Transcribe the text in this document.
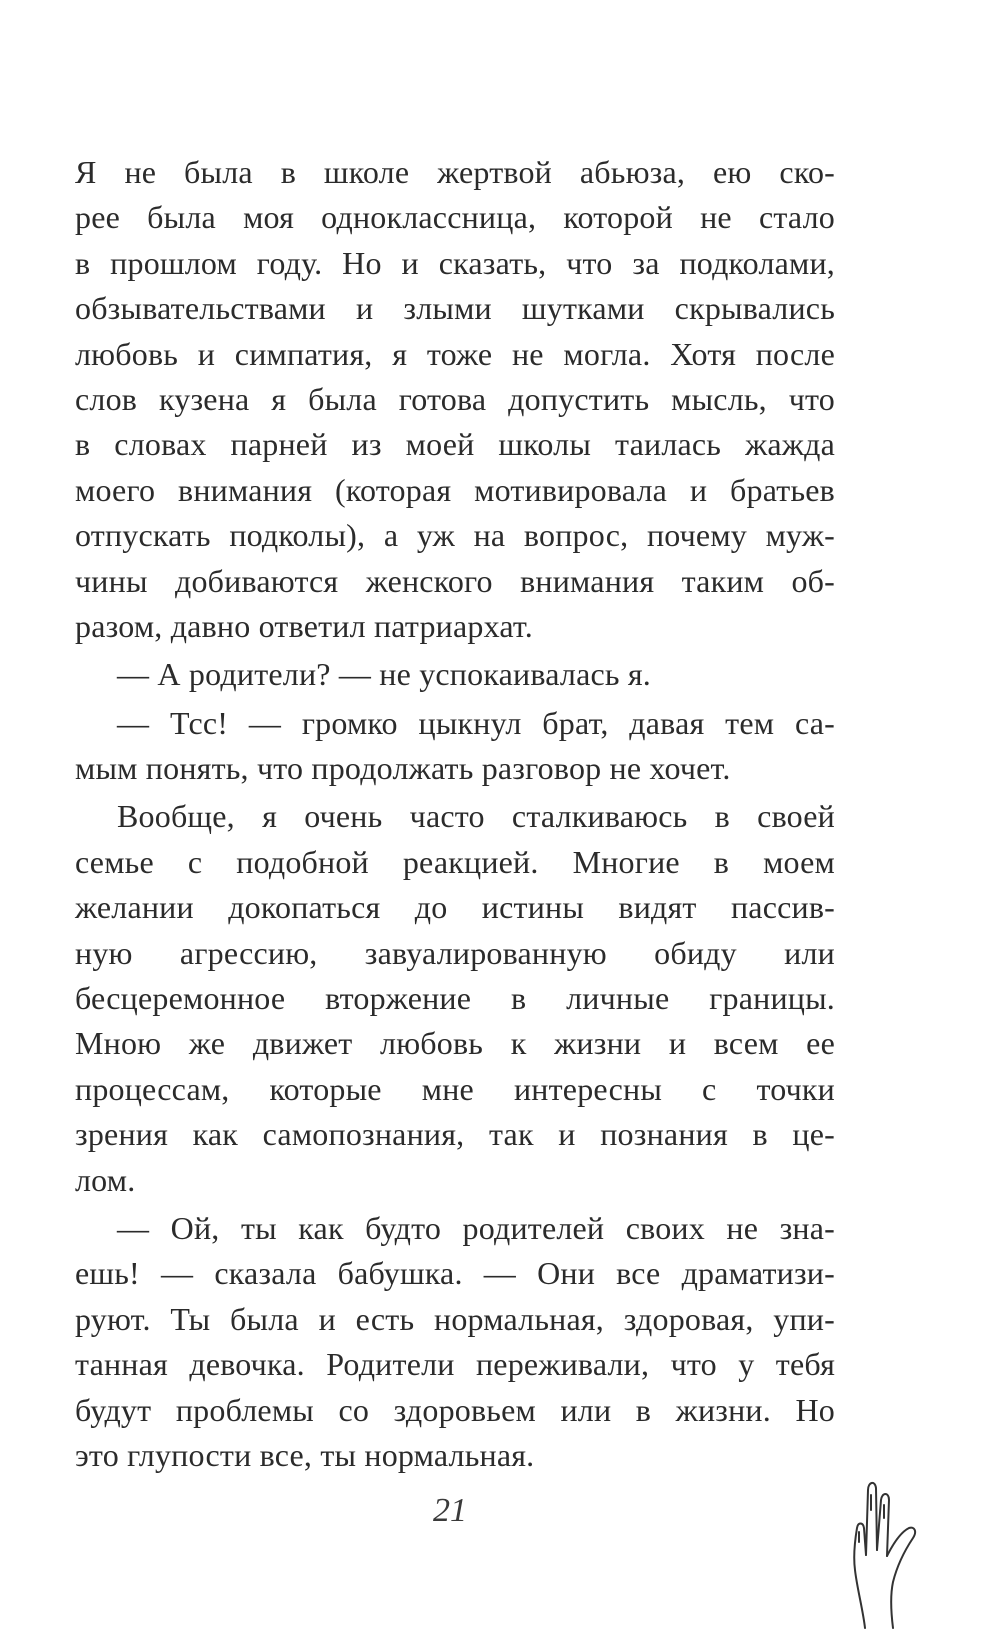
Я не была в школе жертвой абьюза, ею ско-
рее была моя одноклассница, которой не стало
в прошлом году. Но и сказать, что за подколами,
обзывательствами и злыми шутками скрывались
любовь и симпатия, я тоже не могла. Хотя после
слов кузена я была готова допустить мысль, что
в словах парней из моей школы таилась жажда
моего внимания (которая мотивировала и братьев
отпускать подколы), а уж на вопрос, почему муж-
чины добиваются женского внимания таким об-
разом, давно ответил патриархат.
— А родители? — не успокаивалась я.
— Тсс! — громко цыкнул брат, давая тем са-
мым понять, что продолжать разговор не хочет.
Вообще, я очень часто сталкиваюсь в своей
семье с подобной реакцией. Многие в моем
желании докопаться до истины видят пассив-
ную агрессию, завуалированную обиду или
бесцеремонное вторжение в личные границы.
Мною же движет любовь к жизни и всем ее
процессам, которые мне интересны с точки
зрения как самопознания, так и познания в це-
лом.
— Ой, ты как будто родителей своих не зна-
ешь! — сказала бабушка. — Они все драматизи-
руют. Ты была и есть нормальная, здоровая, упи-
танная девочка. Родители переживали, что у тебя
будут проблемы со здоровьем или в жизни. Но
это глупости все, ты нормальная.
21
